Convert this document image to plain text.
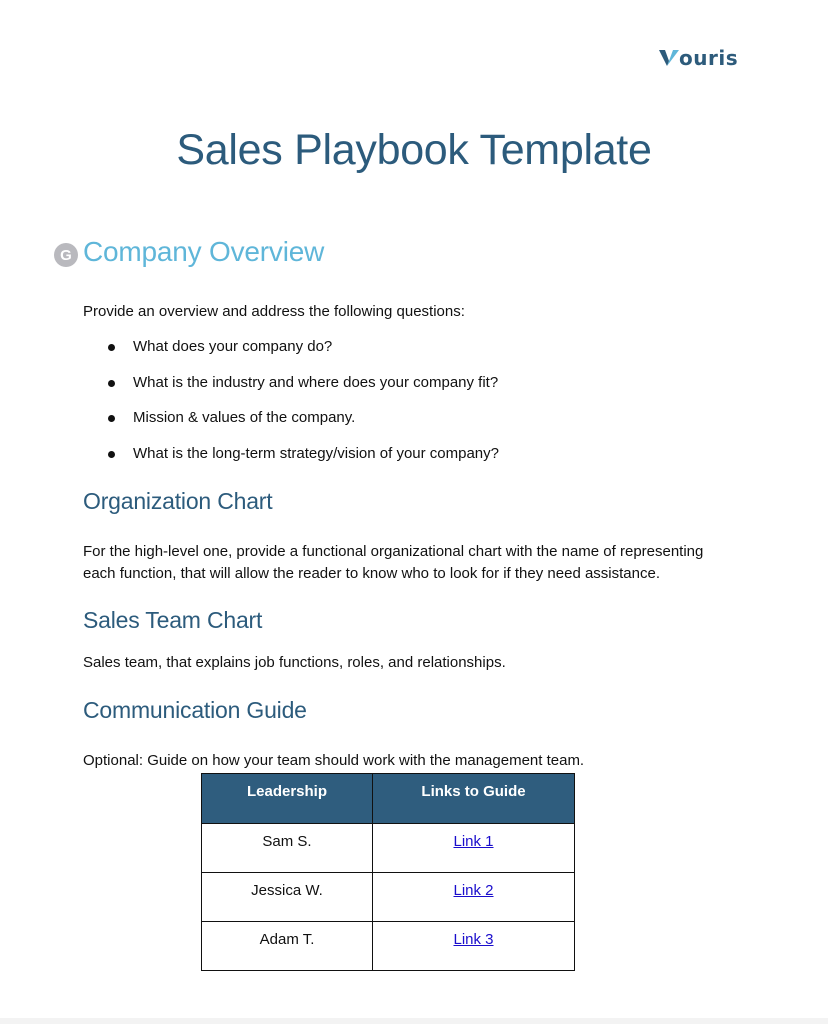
ouris
Sales Playbook Template
G Company Overview

Provide an overview and address the following questions:

What does your company do?
What is the industry and where does your company fit?
Mission & values of the company.
What is the long-term strategy/vision of your company?
Organization Chart

For the high-level one, provide a functional organizational chart with the name of representing each function, that will allow the reader to know who to look for if they need assistance.

Sales Team Chart

Sales team, that explains job functions, roles, and relationships.

Communication Guide

Optional: Guide on how your team should work with the management team.

Leadership	Links to Guide
Sam S.	Link 1
Jessica W.	Link 2
Adam T.	Link 3
